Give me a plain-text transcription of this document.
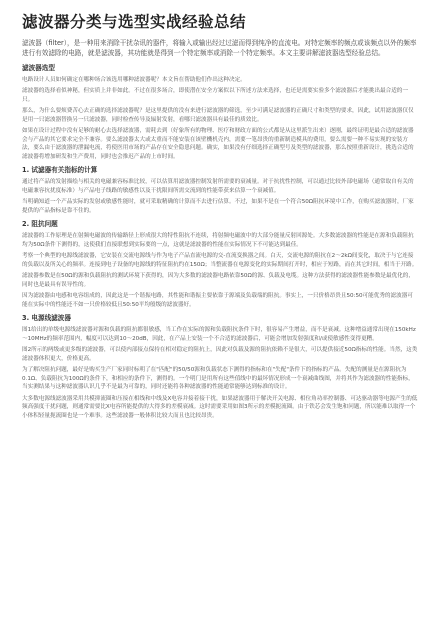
滤波器分类与选型实战经验总结

滤波器（filter），是一种用来消除干扰杂讯的器件，将输入或输出经过过滤而得到纯净的直流电。对特定频率的频点或该频点以外的频率进行有效滤除的电路，就是滤波器，其功能就是得到一个特定频率或消除一个特定频率。本文主要讲解滤波器选型经验总结。

滤波器选型

电路设计人员如何确定在哪种场合该选用哪种滤波器呢？本文旨在帮助他们作出这种决定。

滤波器的选择看似神秘，但实质上并非如此。不过在很多场合，即使潜在安全方案似以下所述方法来选择，也还是需要实验多个滤波器后才能挑出最合适的一只。

那么，为什么要烦费苦心去正确的选择滤波器呢？是这里提供的没有来进行滤波器的筛选，至少可满足滤波器的正确尺寸和类型的要求，因此，试用滤波器仅仅是用一只滤波器替换另一只滤波器，同时检查传导及辐射发射，看哪只滤波器具有最佳的质效比。

如果在设计过程中没有足够的耐心去选择滤波器，需耗去到（好象所有的物理、医疗和财政方面的公式都是从这里派生出来）逐刚，最终证明是最合适的滤波器会与产品的其它要求完全不兼容。要么滤波器太大或太重而不能安装在该壁機机壳内，需要一笔昂贵的重新制造模具的费用，要么需要一种不易实现的安装方法，要么由于滤波器的泄漏电流，将使医用市场的产品存在安全隐患问题。确实，如果没有仔细选择正确型号及类型的滤波器，那么按照重新设计，挑选合适的滤波器将增加研发和生产费用，同时也会推迟产品的上市时间。

1. 试滤器有关指标的计算

通过将产品的发射描绘与相关的电磁兼容标准比较，可以估算用滤波器控制发射所需要的衰减量。对于抗扰性控制，可以通过比较外部电磁场（通常取自有关的电磁兼容抗扰度标准）与产品电子线路的敏感性以及干扰限间所需交流到的性能带获来估算一个衰减值。

当明确知道一个产品实际的发射或敏感性能时，就可采取精确的计算而不去进行估算。不过，如果不是在一个符合50Ω阻抗环境中工作，在购买滤波器时，厂家提供的产品指标是靠不住的。

2. 阻抗问题

滤波器的工作原理是在射频电磁波的传输路径上形成很大的特性阻抗不连续，将射频电磁波中的大部分能量反射回源处。大多数滤波器的性能是在源和负载阻抗均为50Ω条件下测得的，这使我们直接联想到实际要的一点，这就是滤波器的性能在实际情况下不可能达到最佳。

考察一个典型的电源线滤波器，它安装在交流电源线与作为电子产品直流电源的交-直流变换器之间。白天，交流电源的阻抗在2～2kΩ间变化，取决于与它连接的负载以及所关心的频率。连接到电子设备的电源线的特征阻抗约在150Ω；当整流器在电源变化的实际期间打开时，相应于短路，而在其它时间，相当于开路。

滤波器参数是在50Ω的源和负载阻抗的测试环境下获得的，因为大多数的滤波器电路依靠50Ω的源、负载及电缆。这种方法获得的滤波器性能参数是最优化的，同时也是最具有误导性的。

因为滤波器由电感和电容组成的，因此这是一个谐振电路，其性能和谐振主要依靠于源端及负载端的阻抗。事实上，一只价格昂贵且50:50可能优秀的滤波器可能在实际中的性能还不如一只价格较低且50:50平均般级的滤波器好。

3. 电源线滤波器

图1给出的单级电源线滤波器对源和负载的阻抗都很敏感，当工作在实际的源和负载阻抗条件下时，很容易产生增益，而不是衰减。这种增益通常出现在150kHz～10MHz的频率范围内，幅度可以达到10～20dB，因此，在产品上安装一个不合适的滤波器后，可能会增加发射强度和/或使敏感性变得更糟。

图2所示的两级或更多级的滤波器，可以使内部接点保持在相对稳定的阻抗上，因此对负载及源的阻抗依赖不是很大，可以提供接近50Ω指标的性能。当然，这类滤波器体积更大，价格更高。

为了解决阻抗问题，最好是购买生产厂家同时标明了在"匹配"的50/50源和负载状态下测得的指标和在"失配"条件下的指标的产品。失配的测量是在源阻抗为0.1Ω、负载阻抗为100Ω的条件下，和相应的条件下，测得的。一个明门是用所有这些值线中的最坏情况形成一个衰减曲线图，并将其作为滤波器的性能指标，当实测结果与这种滤波器认识几乎不是最为可靠的，同时还能将各种滤波器的性能通常能够达到标准的设计。

大多数电源线滤波器采用共模抑流圈和压接在相线和中线及X电容并接着接干扰，如果滤波器用于解决开关电源、相位角功率控制器、可达驱动器等电源产生的低频高强度干扰问题，则通常需要比X电容所能提供的大得多的差模衰减。这时需要采用如图3所示的差模扼流圈。由于铁芯会发生饱和问题，所以能难以取得一个小体积轻量扼流圈也是一个难事。这些滤波器一般体积比较大而且也比较昂贵。
